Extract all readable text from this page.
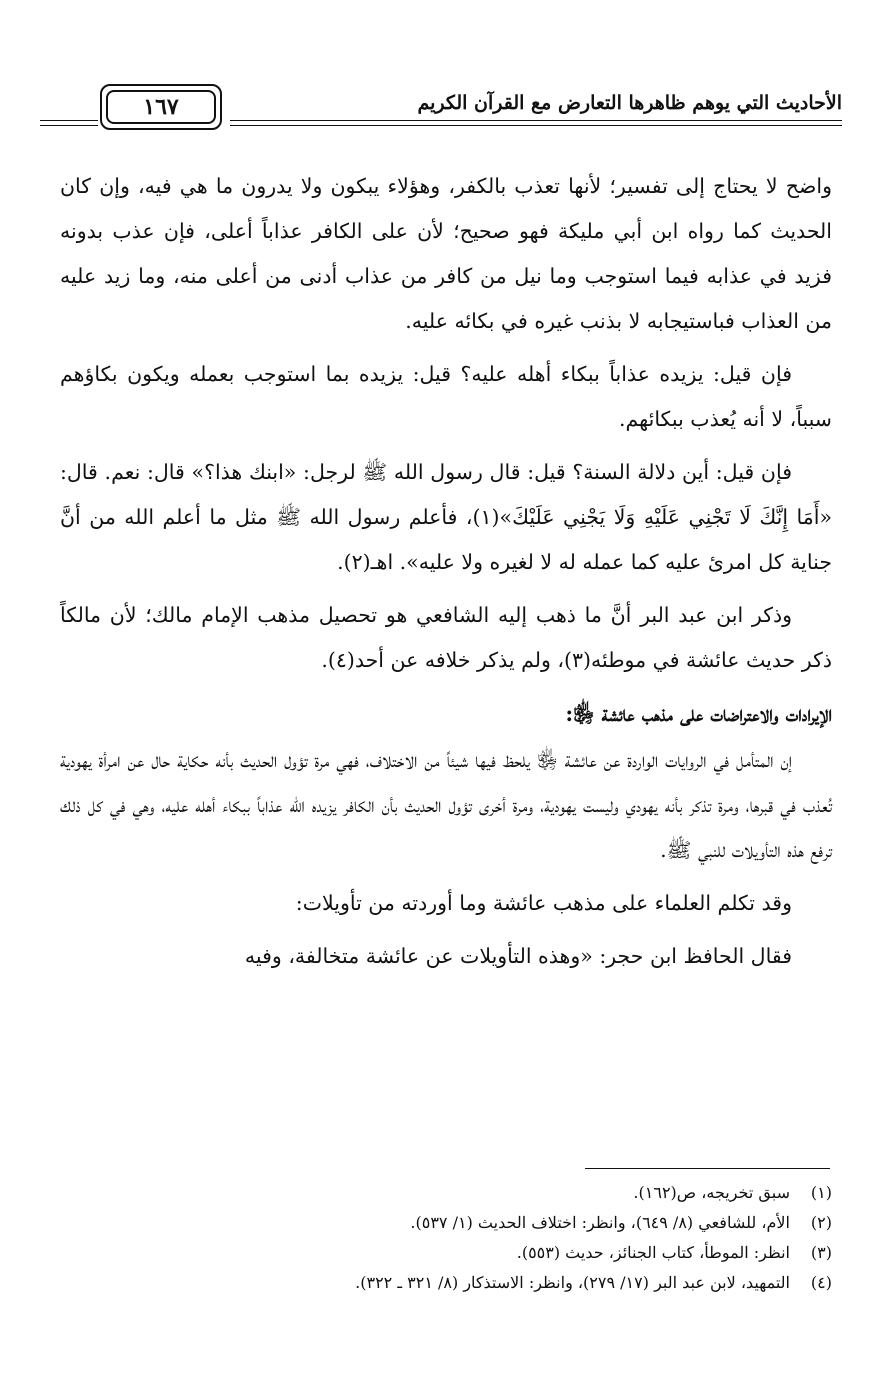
الأحاديث التي يوهم ظاهرها التعارض مع القرآن الكريم
١٦٧

واضح لا يحتاج إلى تفسير؛ لأنها تعذب بالكفر، وهؤلاء يبكون ولا يدرون ما هي فيه، وإن كان الحديث كما رواه ابن أبي مليكة فهو صحيح؛ لأن على الكافر عذاباً أعلى، فإن عذب بدونه فزيد في عذابه فيما استوجب وما نيل من كافر من عذاب أدنى من أعلى منه، وما زيد عليه من العذاب فباستيجابه لا بذنب غيره في بكائه عليه.

فإن قيل: يزيده عذاباً ببكاء أهله عليه؟ قيل: يزيده بما استوجب بعمله ويكون بكاؤهم سبباً، لا أنه يُعذب ببكائهم.

فإن قيل: أين دلالة السنة؟ قيل: قال رسول الله ﷺ لرجل: «ابنك هذا؟» قال: نعم. قال: «أَمَا إِنَّكَ لَا تَجْنِي عَلَيْهِ وَلَا يَجْنِي عَلَيْكَ»(١)، فأعلم رسول الله ﷺ مثل ما أعلم الله من أنَّ جناية كل امرئ عليه كما عمله له لا لغيره ولا عليه». اهـ(٢).

وذكر ابن عبد البر أنَّ ما ذهب إليه الشافعي هو تحصيل مذهب الإمام مالك؛ لأن مالكاً ذكر حديث عائشة في موطئه(٣)، ولم يذكر خلافه عن أحد(٤).

الإيرادات والاعتراضات على مذهب عائشة ﵂:

إن المتأمل في الروايات الواردة عن عائشة ﵂ يلحظ فيها شيئاً من الاختلاف، فهي مرة تؤول الحديث بأنه حكاية حال عن امرأة يهودية تُعذب في قبرها، ومرة تذكر بأنه يهودي وليست يهودية، ومرة أخرى تؤول الحديث بأن الكافر يزيده الله عذاباً ببكاء أهله عليه، وهي في كل ذلك ترفع هذه التأويلات للنبي ﷺ.

وقد تكلم العلماء على مذهب عائشة وما أوردته من تأويلات:

فقال الحافظ ابن حجر: «وهذه التأويلات عن عائشة متخالفة، وفيه

(١)
سبق تخريجه، ص(١٦٢).
(٢)
الأم، للشافعي (٨/ ٦٤٩)، وانظر: اختلاف الحديث (١/ ٥٣٧).
(٣)
انظر: الموطأ، كتاب الجنائز، حديث (٥٥٣).
(٤)
التمهيد، لابن عبد البر (١٧/ ٢٧٩)، وانظر: الاستذكار (٨/ ٣٢١ ـ ٣٢٢).
